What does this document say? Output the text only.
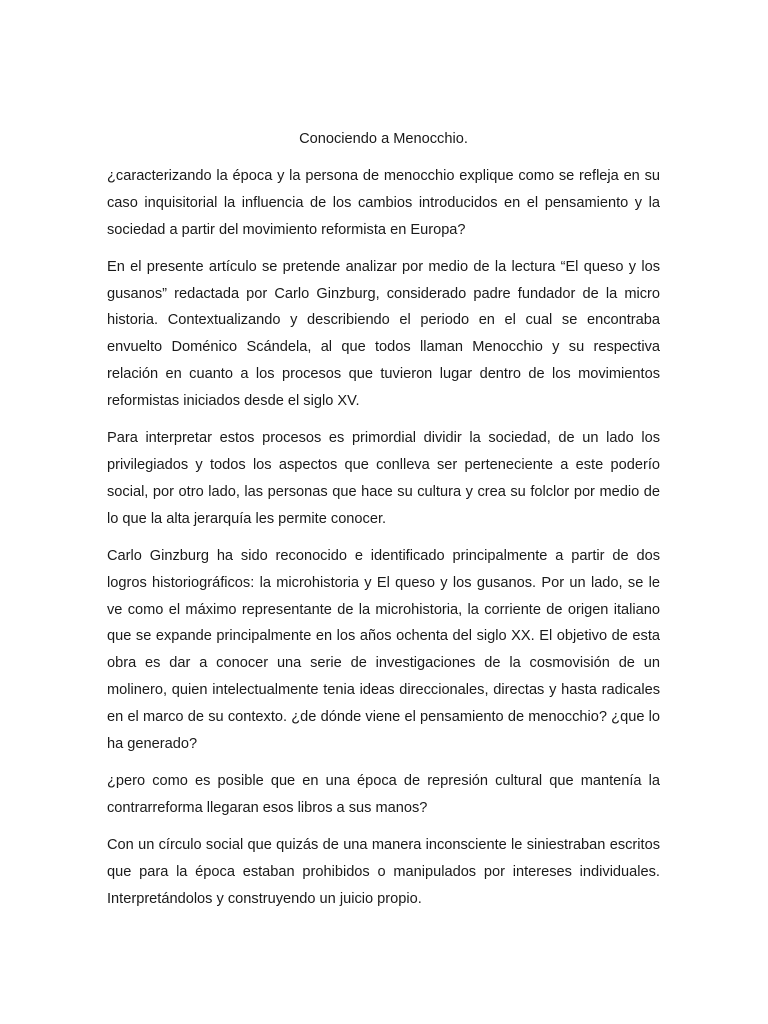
Conociendo a Menocchio.

¿caracterizando la época y la persona de menocchio explique como se refleja en su caso inquisitorial la influencia de los cambios introducidos en el pensamiento y la sociedad a partir del movimiento reformista en Europa?

En el presente artículo se pretende analizar por medio de la lectura “El queso y los gusanos” redactada por Carlo Ginzburg, considerado padre fundador de la micro historia. Contextualizando y describiendo el periodo en el cual se encontraba envuelto Doménico Scándela, al que todos llaman Menocchio y su respectiva relación en cuanto a los procesos que tuvieron lugar dentro de los movimientos reformistas iniciados desde el siglo XV.

Para interpretar estos procesos es primordial dividir la sociedad, de un lado los privilegiados y todos los aspectos que conlleva ser perteneciente a este poderío social, por otro lado, las personas que hace su cultura y crea su folclor por medio de lo que la alta jerarquía les permite conocer.

Carlo Ginzburg ha sido reconocido e identificado principalmente a partir de dos logros historiográficos: la microhistoria y El queso y los gusanos. Por un lado, se le ve como el máximo representante de la microhistoria, la corriente de origen italiano que se expande principalmente en los años ochenta del siglo XX. El objetivo de esta obra es dar a conocer una serie de investigaciones de la cosmovisión de un molinero, quien intelectualmente tenia ideas direccionales, directas y hasta radicales en el marco de su contexto. ¿de dónde viene el pensamiento de menocchio? ¿que lo ha generado?

¿pero como es posible que en una época de represión cultural que mantenía la contrarreforma llegaran esos libros a sus manos?

Con un círculo social que quizás de una manera inconsciente le siniestraban escritos que para la época estaban prohibidos o manipulados por intereses individuales. Interpretándolos y construyendo un juicio propio.
